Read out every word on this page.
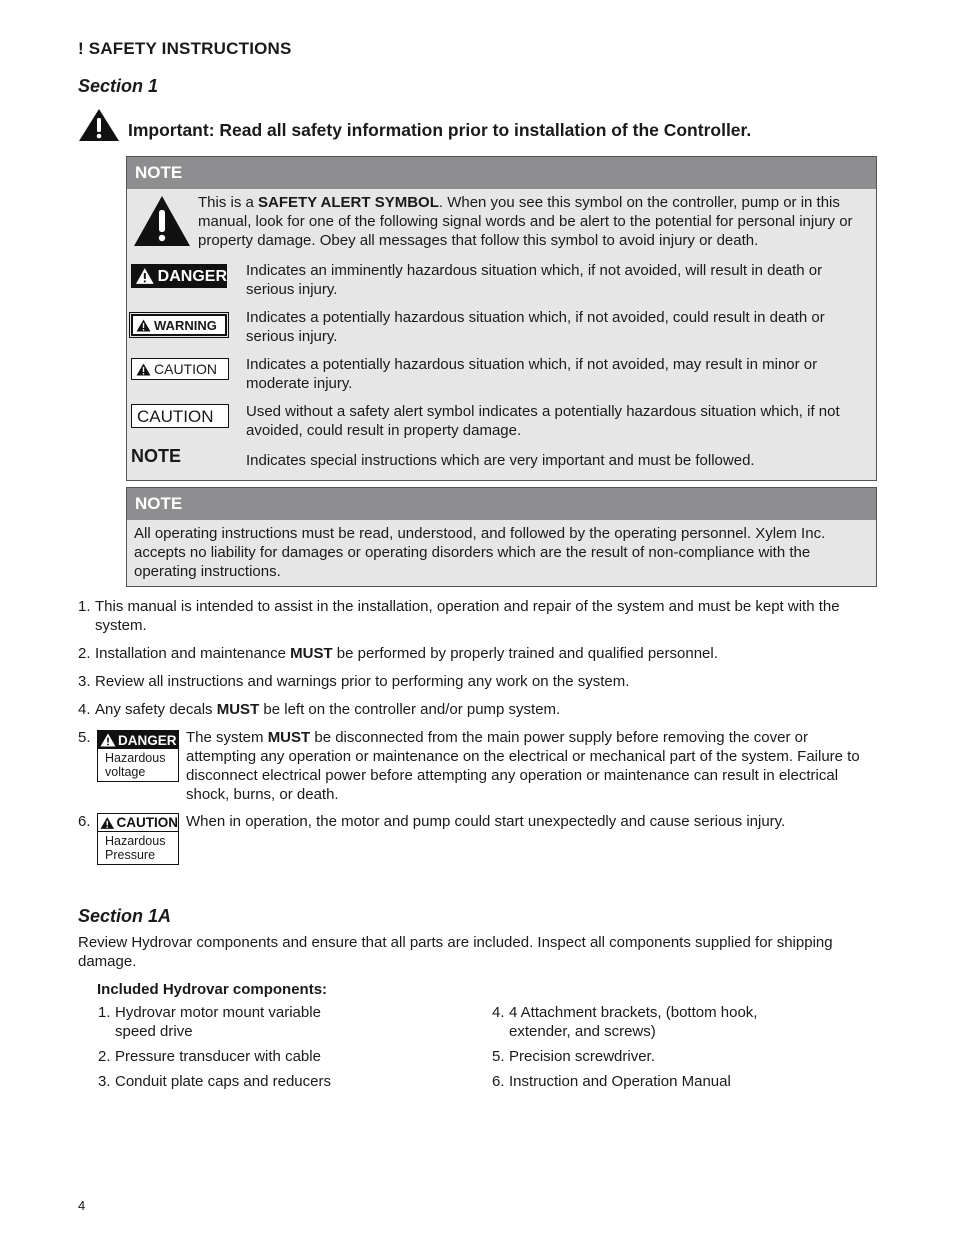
! SAFETY INSTRUCTIONS
Section 1
Important: Read all safety information prior to installation of the Controller.
NOTE
This is a SAFETY ALERT SYMBOL. When you see this symbol on the controller, pump or in this manual, look for one of the following signal words and be alert to the potential for personal injury or property damage. Obey all messages that follow this symbol to avoid injury or death.
DANGER Indicates an imminently hazardous situation which, if not avoided, will result in death or serious injury.
WARNING Indicates a potentially hazardous situation which, if not avoided, could result in death or serious injury.
CAUTION Indicates a potentially hazardous situation which, if not avoided, may result in minor or moderate injury.
CAUTION	Used without a safety alert symbol indicates a potentially hazardous situation which, if not avoided, could result in property damage.
NOTE	Indicates special instructions which are very important and must be followed.
NOTE
All operating instructions must be read, understood, and followed by the operating personnel. Xylem Inc. accepts no liability for damages or operating disorders which are the result of non-compliance with the operating instructions.
1. This manual is intended to assist in the installation, operation and repair of the system and must be kept with the system.
2. Installation and maintenance MUST be performed by properly trained and qualified personnel.
3. Review all instructions and warnings prior to performing any work on the system.
4. Any safety decals MUST be left on the controller and/or pump system.
5. DANGER
Hazardous
voltage
The system MUST be disconnected from the main power supply before removing the cover or attempting any operation or maintenance on the electrical or mechanical part of the system. Failure to disconnect electrical power before attempting any operation or maintenance can result in electrical shock, burns, or death.
6. CAUTION
Hazardous
Pressure
When in operation, the motor and pump could start unexpectedly and cause serious injury.
Section 1A
Review Hydrovar components and ensure that all parts are included. Inspect all components supplied for shipping damage.
Included Hydrovar components:
1. Hydrovar motor mount variable
speed drive
2. Pressure transducer with cable
3. Conduit plate caps and reducers
4. 4 Attachment brackets, (bottom hook,
extender, and screws)
5. Precision screwdriver.
6. Instruction and Operation Manual
4
